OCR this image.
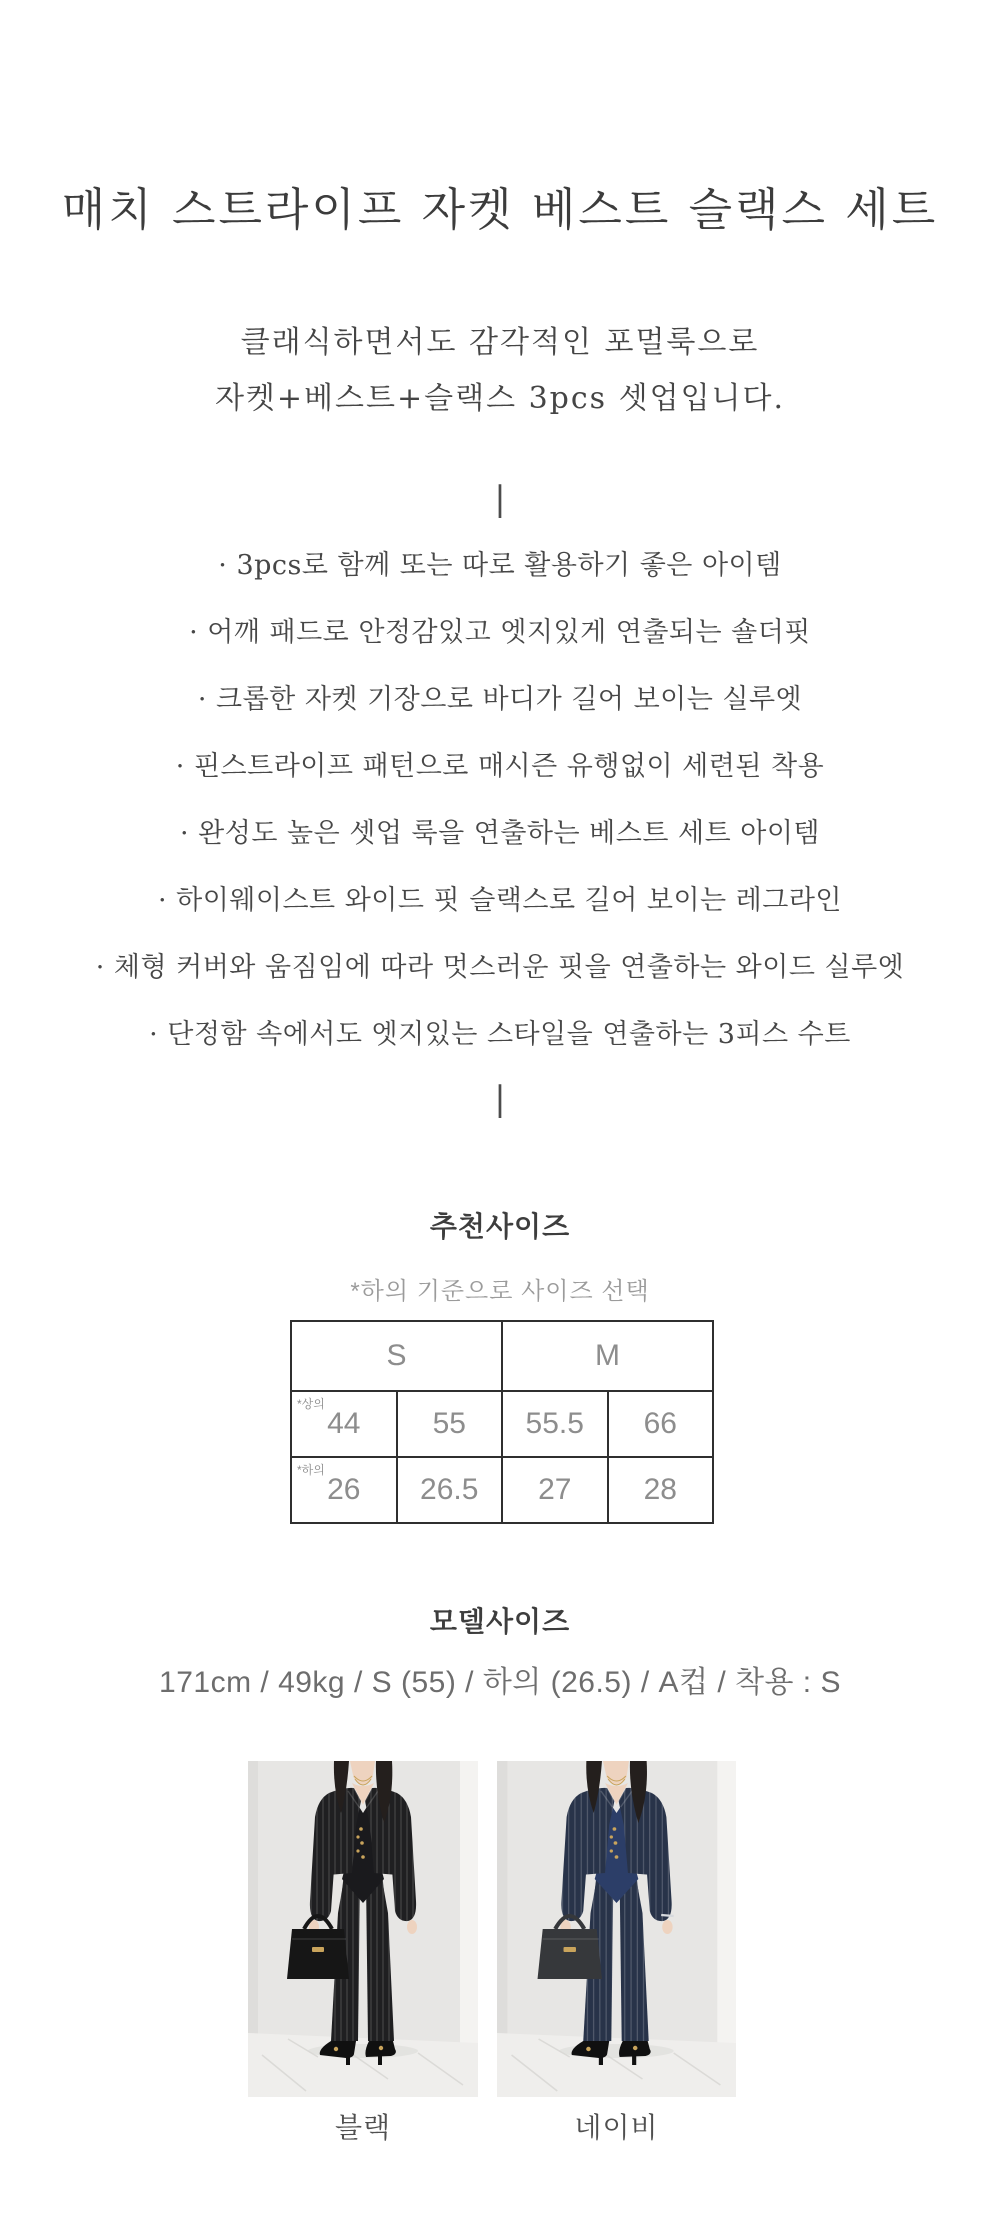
매치 스트라이프 자켓 베스트 슬랙스 세트
클래식하면서도 감각적인 포멀룩으로
자켓+베스트+슬랙스 3pcs 셋업입니다.
|
· 3pcs로 함께 또는 따로 활용하기 좋은 아이템
· 어깨 패드로 안정감있고 엣지있게 연출되는 숄더핏
· 크롭한 자켓 기장으로 바디가 길어 보이는 실루엣
· 핀스트라이프 패턴으로 매시즌 유행없이 세련된 착용
· 완성도 높은 셋업 룩을 연출하는 베스트 세트 아이템
· 하이웨이스트 와이드 핏 슬랙스로 길어 보이는 레그라인
· 체형 커버와 움짐임에 따라 멋스러운 핏을 연출하는 와이드 실루엣
· 단정함 속에서도 엣지있는 스타일을 연출하는 3피스 수트
|
추천사이즈
*하의 기준으로 사이즈 선택
S		M	

*상의
44	55	55.5	66

*하의
26	26.5	27	28
모델사이즈
171cm / 49kg / S (55) / 하의 (26.5) / A컵 / 착용 : S
블랙	네이비
